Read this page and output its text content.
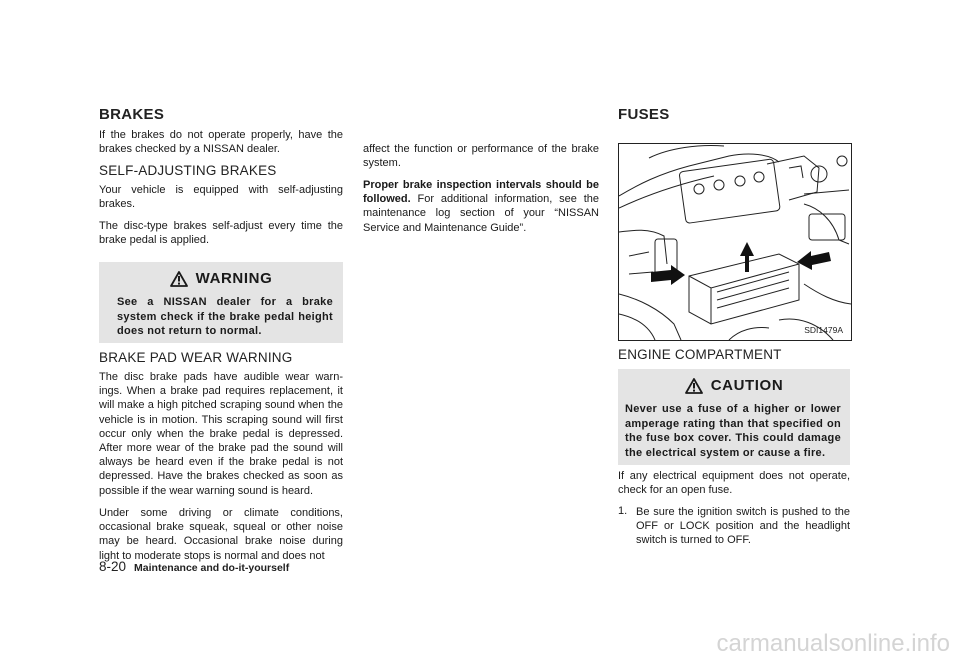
BRAKES

If the brakes do not operate properly, have the brakes checked by a NISSAN dealer.

SELF-ADJUSTING BRAKES

Your vehicle is equipped with self-adjusting brakes.

The disc-type brakes self-adjust every time the brake pedal is applied.

WARNING
See a NISSAN dealer for a brake system check if the brake pedal height does not return to normal.
BRAKE PAD WEAR WARNING

The disc brake pads have audible wear warn- ings. When a brake pad requires replacement, it will make a high pitched scraping sound when the vehicle is in motion. This scraping sound will first occur only when the brake pedal is depressed. After more wear of the brake pad the sound will always be heard even if the brake pedal is not depressed. Have the brakes checked as soon as possible if the wear warning sound is heard.

Under some driving or climate conditions, occasional brake squeak, squeal or other noise may be heard. Occasional brake noise during light to moderate stops is normal and does not

affect the function or performance of the brake system.

Proper brake inspection intervals should be followed. For additional information, see the maintenance log section of your “NISSAN Service and Maintenance Guide”.

FUSES
SDI1479A
ENGINE COMPARTMENT
CAUTION
Never use a fuse of a higher or lower amperage rating than that specified on the fuse box cover. This could damage the electrical system or cause a fire.

If any electrical equipment does not operate, check for an open fuse.

1. Be sure the ignition switch is pushed to the OFF or LOCK position and the headlight switch is turned to OFF.

8-20 Maintenance and do-it-yourself
carmanualsonline.info
